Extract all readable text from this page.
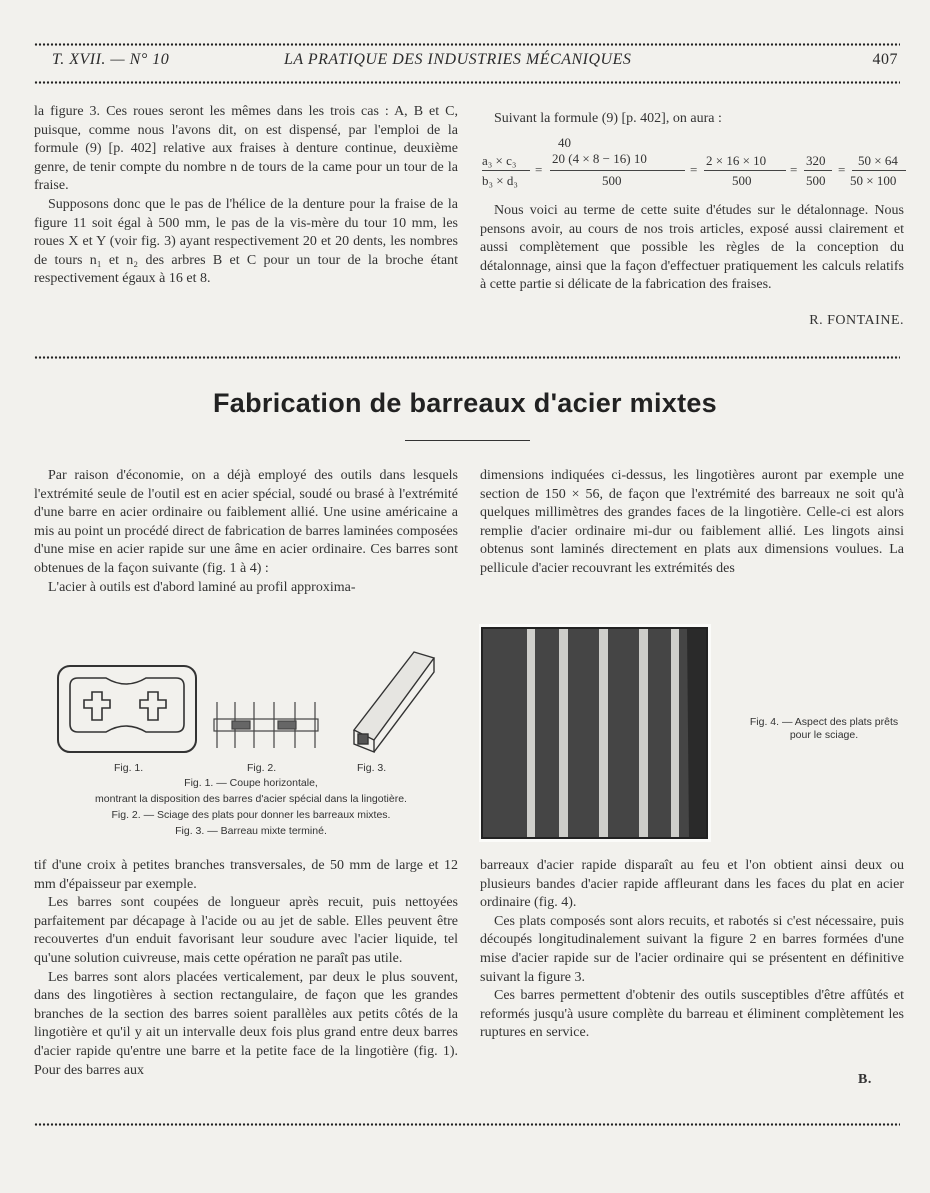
T. XVII. — N° 10	LA PRATIQUE DES INDUSTRIES MÉCANIQUES	407

la figure 3. Ces roues seront les mêmes dans les trois cas : A, B et C, puisque, comme nous l'avons dit, on est dispensé, par l'emploi de la formule (9) [p. 402] relative aux fraises à denture continue, deuxième genre, de tenir compte du nombre n de tours de la came pour un tour de la fraise.

Supposons donc que le pas de l'hélice de la denture pour la fraise de la figure 11 soit égal à 500 mm, le pas de la vis-mère du tour 10 mm, les roues X et Y (voir fig. 3) ayant respectivement 20 et 20 dents, les nombres de tours n₁ et n₂ des arbres B et C pour un tour de la broche étant respectivement égaux à 16 et 8.

Suivant la formule (9) [p. 402], on aura :

a₃ × c₃
b₃ × d₃
=
40
20 (4 × 8 − 16) 10
500
=
2 × 16 × 10
500
=
320
500
=
50 × 64
50 × 100

Nous voici au terme de cette suite d'études sur le détalonnage. Nous pensons avoir, au cours de nos trois articles, exposé aussi clairement et aussi complètement que possible les règles de la conception du détalonnage, ainsi que la façon d'effectuer pratiquement les calculs relatifs à cette partie si délicate de la fabrication des fraises.

R. FONTAINE.
Fabrication de barreaux d'acier mixtes

Par raison d'économie, on a déjà employé des outils dans lesquels l'extrémité seule de l'outil est en acier spécial, soudé ou brasé à l'extrémité d'une barre en acier ordinaire ou faiblement allié. Une usine américaine a mis au point un procédé direct de fabrication de barres laminées composées d'une mise en acier rapide sur une âme en acier ordinaire. Ces barres sont obtenues de la façon suivante (fig. 1 à 4) :

L'acier à outils est d'abord laminé au profil approxima-

Fig. 1.	Fig. 2.	Fig. 3.
Fig. 1. — Coupe horizontale,
montrant la disposition des barres d'acier spécial dans la lingotière.
Fig. 2. — Sciage des plats pour donner les barreaux mixtes.
Fig. 3. — Barreau mixte terminé.

tif d'une croix à petites branches transversales, de 50 mm de large et 12 mm d'épaisseur par exemple.

Les barres sont coupées de longueur après recuit, puis nettoyées parfaitement par décapage à l'acide ou au jet de sable. Elles peuvent être recouvertes d'un enduit favorisant leur soudure avec l'acier liquide, tel qu'une solution cuivreuse, mais cette opération ne paraît pas utile.

Les barres sont alors placées verticalement, par deux le plus souvent, dans des lingotières à section rectangulaire, de façon que les grandes branches de la section des barres soient parallèles aux petits côtés de la lingotière et qu'il y ait un intervalle deux fois plus grand entre deux barres d'acier rapide qu'entre une barre et la petite face de la lingotière (fig. 1). Pour des barres aux

dimensions indiquées ci-dessus, les lingotières auront par exemple une section de 150 × 56, de façon que l'extrémité des barreaux ne soit qu'à quelques millimètres des grandes faces de la lingotière. Celle-ci est alors remplie d'acier ordinaire mi-dur ou faiblement allié. Les lingots ainsi obtenus sont laminés directement en plats aux dimensions voulues. La pellicule d'acier recouvrant les extrémités des

Fig. 4. — Aspect des plats prêts pour le sciage.

barreaux d'acier rapide disparaît au feu et l'on obtient ainsi deux ou plusieurs bandes d'acier rapide affleurant dans les faces du plat en acier ordinaire (fig. 4).

Ces plats composés sont alors recuits, et rabotés si c'est nécessaire, puis découpés longitudinalement suivant la figure 2 en barres formées d'une mise d'acier rapide sur de l'acier ordinaire qui se présentent en définitive suivant la figure 3.

Ces barres permettent d'obtenir des outils susceptibles d'être affûtés et reformés jusqu'à usure complète du barreau et éliminent complètement les ruptures en service.

B.
